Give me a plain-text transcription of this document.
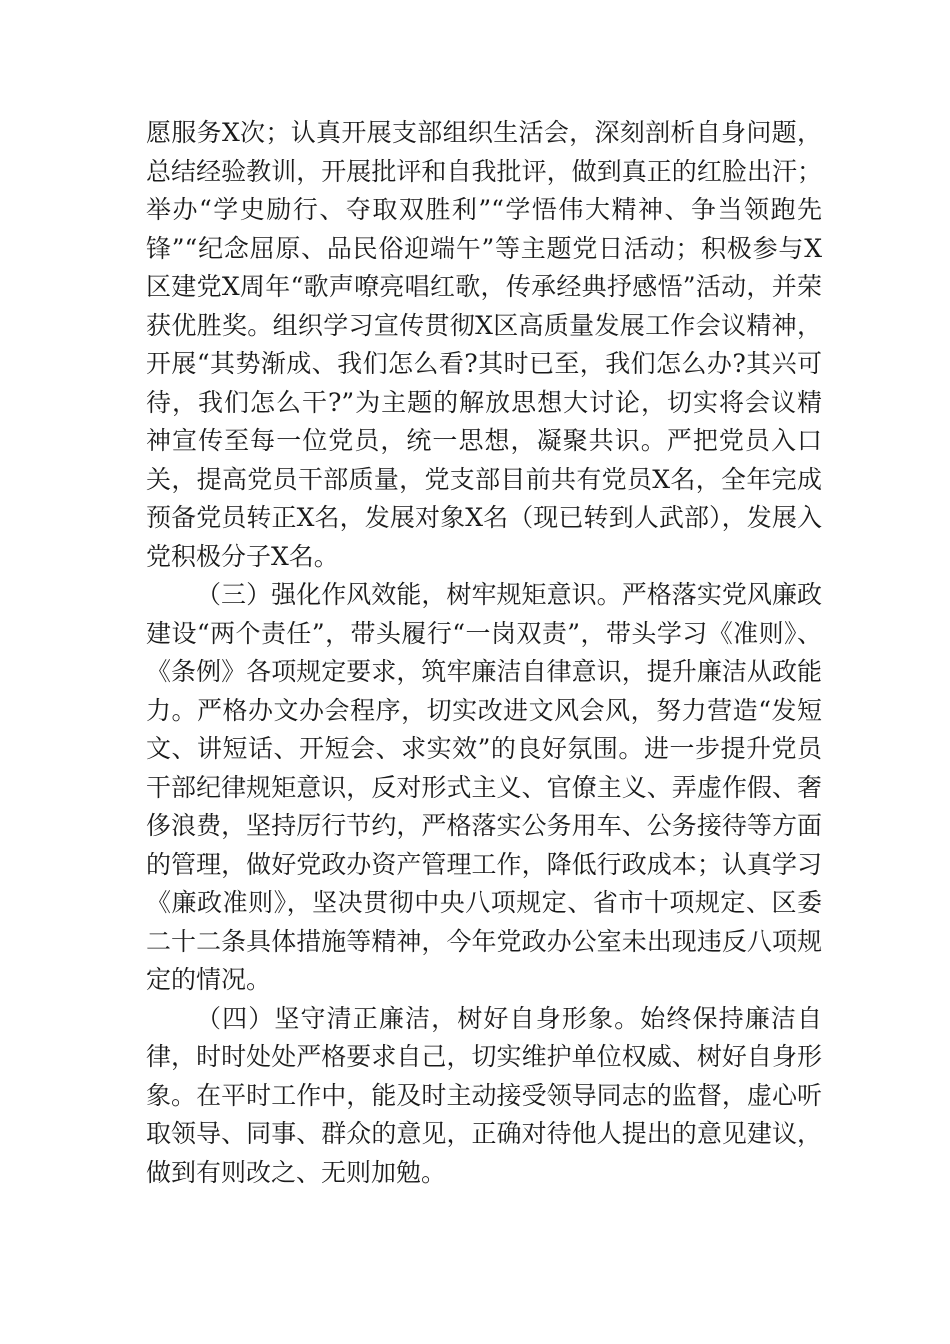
愿服务X次；认真开展支部组织生活会，深刻剖析自身问题，总结经验教训，开展批评和自我批评，做到真正的红脸出汗；举办“学史励行、夺取双胜利”“学悟伟大精神、争当领跑先锋”“纪念屈原、品民俗迎端午”等主题党日活动；积极参与X区建党X周年“歌声嘹亮唱红歌，传承经典抒感悟”活动，并荣获优胜奖。组织学习宣传贯彻X区高质量发展工作会议精神，开展“其势渐成、我们怎么看?其时已至，我们怎么办?其兴可待，我们怎么干?”为主题的解放思想大讨论，切实将会议精神宣传至每一位党员，统一思想，凝聚共识。严把党员入口关，提高党员干部质量，党支部目前共有党员X名，全年完成预备党员转正X名，发展对象X名（现已转到人武部），发展入党积极分子X名。

（三）强化作风效能，树牢规矩意识。严格落实党风廉政建设“两个责任”，带头履行“一岗双责”，带头学习《准则》、《条例》各项规定要求，筑牢廉洁自律意识，提升廉洁从政能力。严格办文办会程序，切实改进文风会风，努力营造“发短文、讲短话、开短会、求实效”的良好氛围。进一步提升党员干部纪律规矩意识，反对形式主义、官僚主义、弄虚作假、奢侈浪费，坚持厉行节约，严格落实公务用车、公务接待等方面的管理，做好党政办资产管理工作，降低行政成本；认真学习《廉政准则》，坚决贯彻中央八项规定、省市十项规定、区委二十二条具体措施等精神，今年党政办公室未出现违反八项规定的情况。

（四）坚守清正廉洁，树好自身形象。始终保持廉洁自律，时时处处严格要求自己，切实维护单位权威、树好自身形象。在平时工作中，能及时主动接受领导同志的监督，虚心听取领导、同事、群众的意见，正确对待他人提出的意见建议，做到有则改之、无则加勉。
